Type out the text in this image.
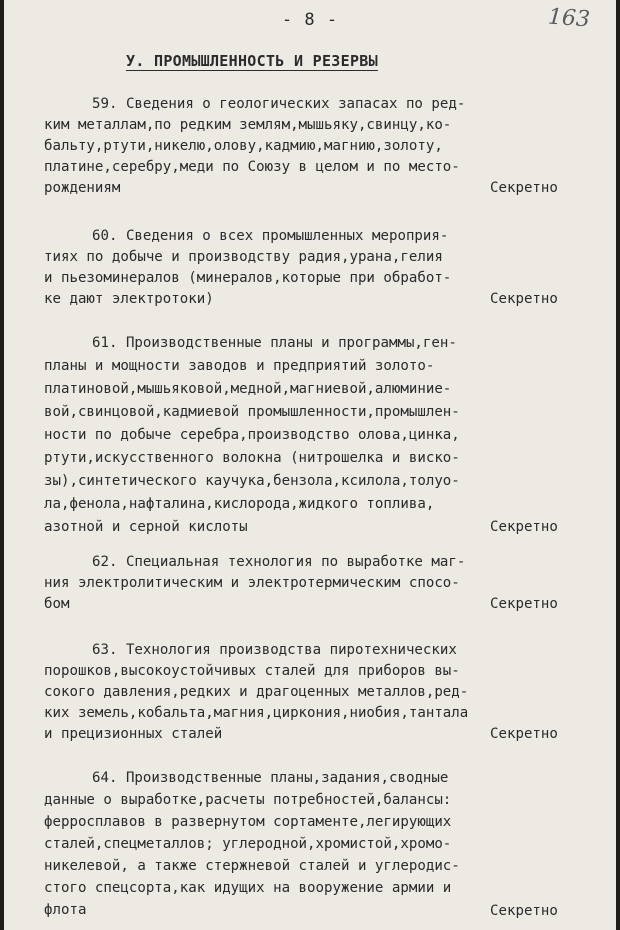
- 8 -	163
У. ПРОМЫШЛЕННОСТЬ И РЕЗЕРВЫ
59. Сведения о геологических запасах по ред-
ким металлам,по редким землям,мышьяку,свинцу,ко-
бальту,ртути,никелю,олову,кадмию,магнию,золоту,
платине,серебру,меди по Союзу в целом и по место-
рождениям	Секретно
60. Сведения о всех промышленных мероприя-
тиях по добыче и производству радия,урана,гелия
и пьезоминералов (минералов,которые при обработ-
ке дают электротоки)	Секретно
61. Производственные планы и программы,ген-
планы и мощности заводов и предприятий золото-
платиновой,мышьяковой,медной,магниевой,алюминие-
вой,свинцовой,кадмиевой промышленности,промышлен-
ности по добыче серебра,производство олова,цинка,
ртути,искусственного волокна (нитрошелка и виско-
зы),синтетического каучука,бензола,ксилола,толуо-
ла,фенола,нафталина,кислорода,жидкого топлива,
азотной и серной кислоты	Секретно
62. Специальная технология по выработке маг-
ния электролитическим и электротермическим спосо-
бом	Секретно
63. Технология производства пиротехнических
порошков,высокоустойчивых сталей для приборов вы-
сокого давления,редких и драгоценных металлов,ред-
ких земель,кобальта,магния,циркония,ниобия,тантала
и прецизионных сталей	Секретно
64. Производственные планы,задания,сводные
данные о выработке,расчеты потребностей,балансы:
ферросплавов в развернутом сортаменте,легирующих
сталей,спецметаллов; углеродной,хромистой,хромо-
никелевой, а также стержневой сталей и углеродис-
стого спецсорта,как идущих на вооружение армии и
флота	Секретно
